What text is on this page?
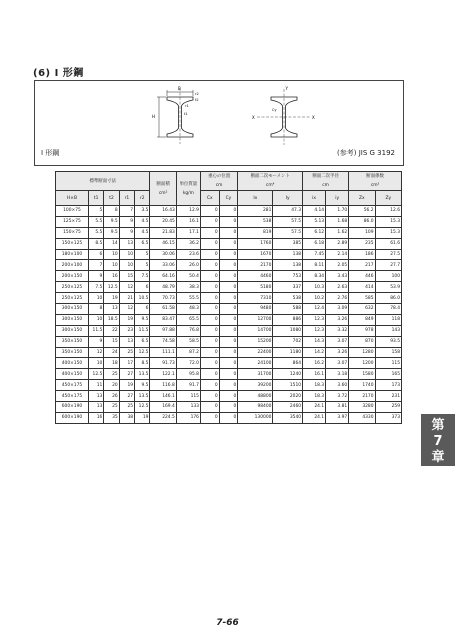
(6) I 形鋼
B
H	t1
t2
r1
r2
X	X
Y
Cy
I 形鋼	(参考) JIS G 3192
標準断面寸法					断面積
cm²	単位質量
kg/m	重心の位置
cm		断面二次モーメント
cm⁴		断面二次半径
cm		断面係数
cm³	
H×B	t1	t2	r1	r2			Cx	Cy	Ix	Iy	ix	iy	Zx	Zy
100×75	5	8	7	3.5	16.43	12.9	0	0	281	47.3	4.14	1.70	56.2	12.6
125×75	5.5	9.5	9	4.5	20.45	16.1	0	0	538	57.5	5.13	1.68	86.0	15.3
150×75	5.5	9.5	9	4.5	21.83	17.1	0	0	819	57.5	6.12	1.62	109	15.3
150×125	8.5	14	13	6.5	46.15	36.2	0	0	1760	385	6.18	2.89	235	61.6
180×100	6	10	10	5	30.06	23.6	0	0	1670	138	7.45	2.14	186	27.5
200×100	7	10	10	5	33.06	26.0	0	0	2170	138	8.11	2.05	217	27.7
200×150	9	16	15	7.5	64.16	50.4	0	0	4460	753	8.34	3.43	446	100
250×125	7.5	12.5	12	6	48.79	38.3	0	0	5180	337	10.3	2.63	414	53.9
250×125	10	19	21	10.5	70.73	55.5	0	0	7310	538	10.2	2.76	585	86.0
300×150	8	13	12	6	61.58	48.3	0	0	9480	588	12.4	3.09	632	78.4
300×150	10	18.5	19	9.5	83.47	65.5	0	0	12700	886	12.3	3.26	849	118
300×150	11.5	22	23	11.5	97.88	76.8	0	0	14700	1080	12.3	3.32	978	143
350×150	9	15	13	6.5	74.58	58.5	0	0	15200	702	14.3	3.07	870	93.5
350×150	12	24	25	12.5	111.1	87.2	0	0	22400	1180	14.2	3.26	1280	158
400×150	10	18	17	8.5	91.73	72.0	0	0	24100	864	16.2	3.07	1200	115
400×150	12.5	25	27	13.5	122.1	95.8	0	0	31700	1240	16.1	3.18	1580	165
450×175	11	20	19	9.5	116.8	91.7	0	0	39200	1510	18.3	3.60	1740	173
450×175	13	26	27	13.5	146.1	115	0	0	48800	2020	18.3	3.72	2170	231
600×190	13	25	25	12.5	169.4	133	0	0	98400	2460	24.1	3.81	3280	259
600×190	16	35	38	19	224.5	176	0	0	130000	3540	24.1	3.97	4330	373
第
7
章
7-66
